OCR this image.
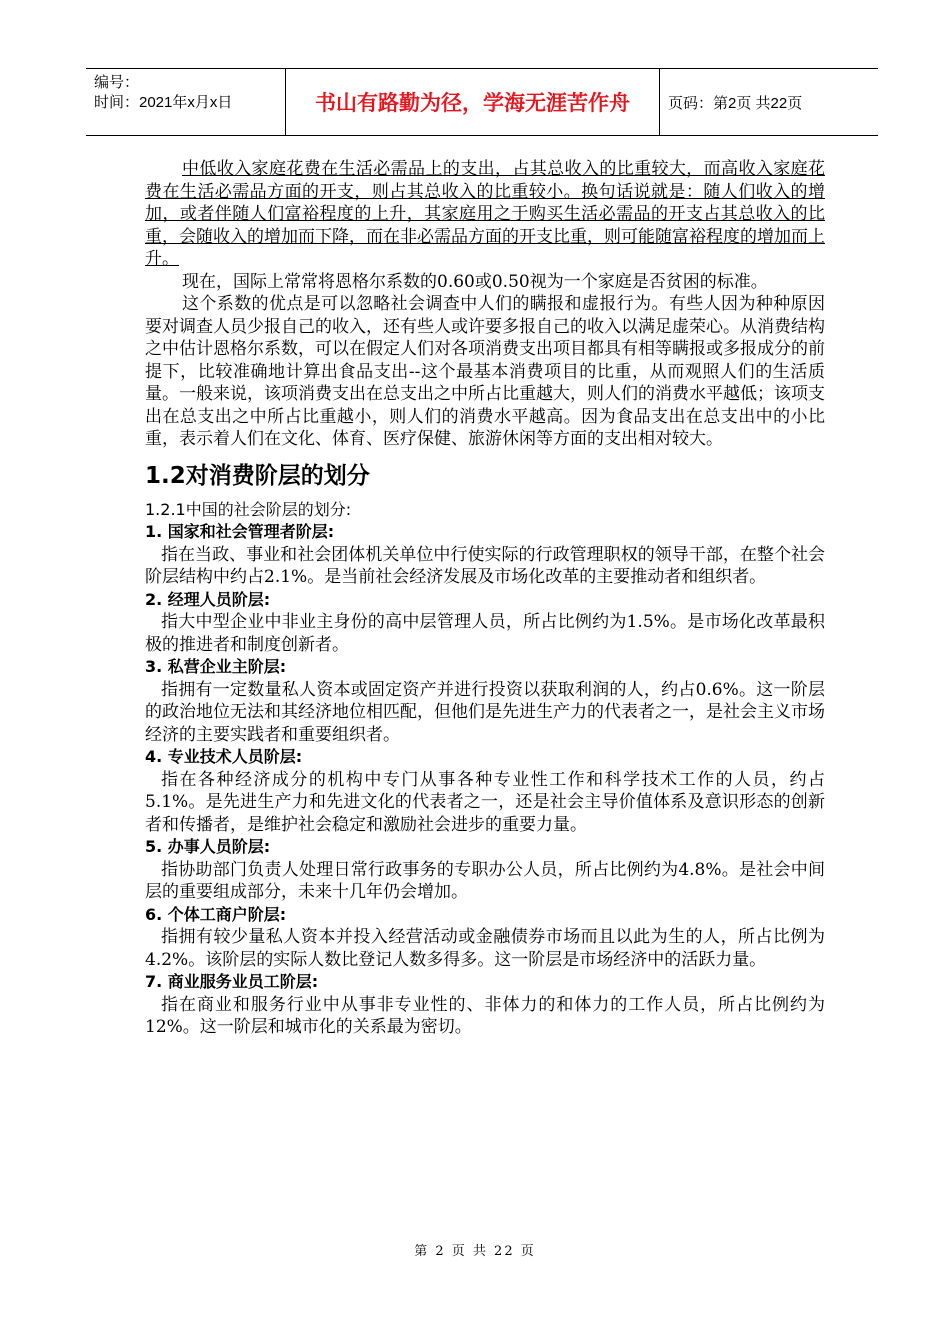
编号：
时间：2021年x月x日	书山有路勤为径，学海无涯苦作舟	页码：第2页 共22页

中低收入家庭花费在生活必需品上的支出，占其总收入的比重较大，而高收入家庭花费在生活必需品方面的开支，则占其总收入的比重较小。换句话说就是：随人们收入的增加，或者伴随人们富裕程度的上升，其家庭用之于购买生活必需品的开支占其总收入的比重，会随收入的增加而下降，而在非必需品方面的开支比重，则可能随富裕程度的增加而上升。

现在，国际上常常将恩格尔系数的0.60或0.50视为一个家庭是否贫困的标准。

这个系数的优点是可以忽略社会调查中人们的瞒报和虚报行为。有些人因为种种原因要对调查人员少报自己的收入，还有些人或许要多报自己的收入以满足虚荣心。从消费结构之中估计恩格尔系数，可以在假定人们对各项消费支出项目都具有相等瞒报或多报成分的前提下，比较准确地计算出食品支出--这个最基本消费项目的比重，从而观照人们的生活质量。一般来说，该项消费支出在总支出之中所占比重越大，则人们的消费水平越低；该项支出在总支出之中所占比重越小，则人们的消费水平越高。因为食品支出在总支出中的小比重，表示着人们在文化、体育、医疗保健、旅游休闲等方面的支出相对较大。

1.2对消费阶层的划分

1.2.1中国的社会阶层的划分:

1. 国家和社会管理者阶层:

指在当政、事业和社会团体机关单位中行使实际的行政管理职权的领导干部，在整个社会阶层结构中约占2.1%。是当前社会经济发展及市场化改革的主要推动者和组织者。

2. 经理人员阶层:

指大中型企业中非业主身份的高中层管理人员，所占比例约为1.5%。是市场化改革最积极的推进者和制度创新者。

3. 私营企业主阶层:

指拥有一定数量私人资本或固定资产并进行投资以获取利润的人，约占0.6%。这一阶层的政治地位无法和其经济地位相匹配，但他们是先进生产力的代表者之一，是社会主义市场经济的主要实践者和重要组织者。

4. 专业技术人员阶层:

指在各种经济成分的机构中专门从事各种专业性工作和科学技术工作的人员，约占5.1%。是先进生产力和先进文化的代表者之一，还是社会主导价值体系及意识形态的创新者和传播者，是维护社会稳定和激励社会进步的重要力量。

5. 办事人员阶层:

指协助部门负责人处理日常行政事务的专职办公人员，所占比例约为4.8%。是社会中间层的重要组成部分，未来十几年仍会增加。

6. 个体工商户阶层:

指拥有较少量私人资本并投入经营活动或金融债券市场而且以此为生的人，所占比例为4.2%。该阶层的实际人数比登记人数多得多。这一阶层是市场经济中的活跃力量。

7. 商业服务业员工阶层:

指在商业和服务行业中从事非专业性的、非体力的和体力的工作人员，所占比例约为12%。这一阶层和城市化的关系最为密切。

第 2 页 共 22 页
